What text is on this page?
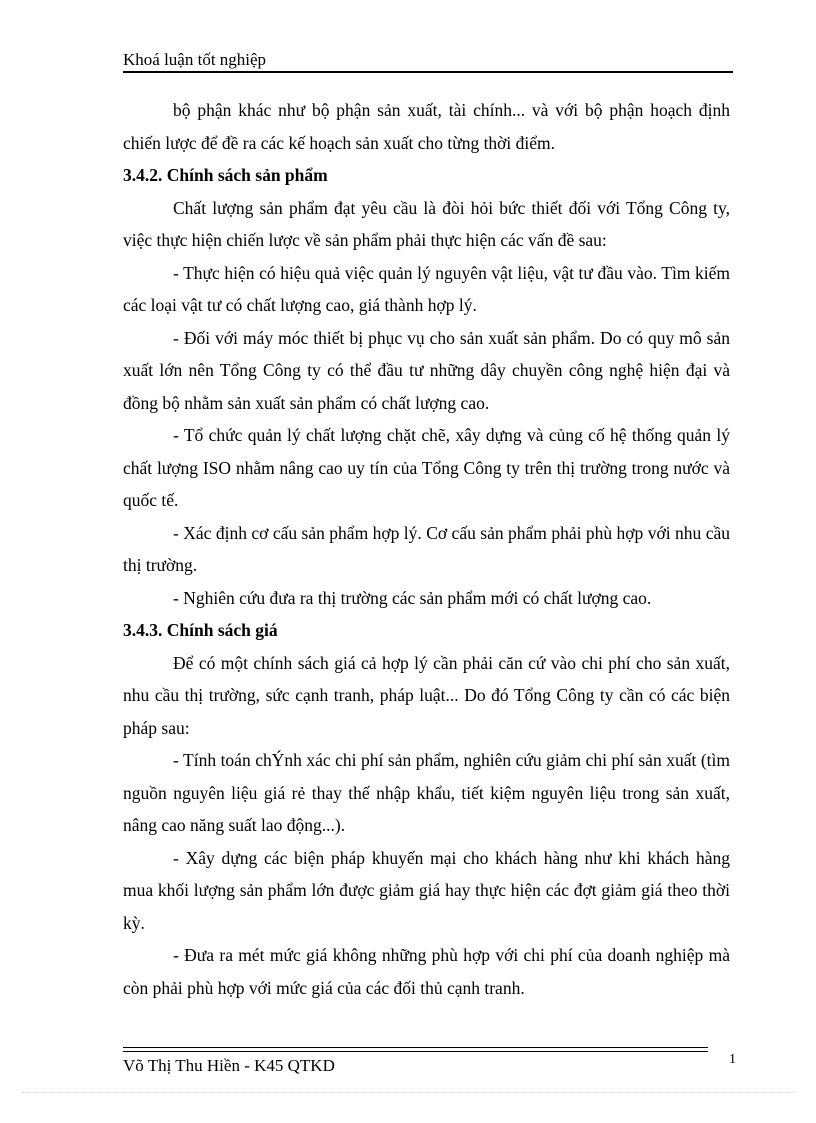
Khoá luận tốt nghiệp

bộ phận khác như bộ phận sản xuất, tài chính... và với bộ phận hoạch định chiến lược để đề ra các kế hoạch sản xuất cho từng thời điểm.

3.4.2. Chính sách sản phẩm

Chất lượng sản phẩm đạt yêu cầu là đòi hỏi bức thiết đối với Tổng Công ty, việc thực hiện chiến lược về sản phẩm phải thực hiện các vấn đề sau:

- Thực hiện có hiệu quả việc quản lý nguyên vật liệu, vật tư đầu vào. Tìm kiếm các loại vật tư có chất lượng cao, giá thành hợp lý.

- Đối với máy móc thiết bị phục vụ cho sản xuất sản phẩm. Do có quy mô sản xuất lớn nên Tổng Công ty có thể đầu tư những dây chuyền công nghệ hiện đại và đồng bộ nhằm sản xuất sản phẩm có chất lượng cao.

- Tổ chức quản lý chất lượng chặt chẽ, xây dựng và củng cố hệ thống quản lý chất lượng ISO nhằm nâng cao uy tín của Tổng Công ty trên thị trường trong nước và quốc tế.

- Xác định cơ cấu sản phẩm hợp lý. Cơ cấu sản phẩm phải phù hợp với nhu cầu thị trường.

- Nghiên cứu đưa ra thị trường các sản phẩm mới có chất lượng cao.

3.4.3. Chính sách giá

Để có một chính sách giá cả hợp lý cần phải căn cứ vào chi phí cho sản xuất, nhu cầu thị trường, sức cạnh tranh, pháp luật... Do đó Tổng Công ty cần có các biện pháp sau:

- Tính toán chÝnh xác chi phí sản phẩm, nghiên cứu giảm chi phí sản xuất (tìm nguồn nguyên liệu giá rẻ thay thế nhập khẩu, tiết kiệm nguyên liệu trong sản xuất, nâng cao năng suất lao động...).

- Xây dựng các biện pháp khuyến mại cho khách hàng như khi khách hàng mua khối lượng sản phẩm lớn được giảm giá hay thực hiện các đợt giảm giá theo thời kỳ.

- Đưa ra mét mức giá không những phù hợp với chi phí của doanh nghiệp mà còn phải phù hợp với mức giá của các đối thủ cạnh tranh.

Võ Thị Thu Hiền - K45 QTKD	1
